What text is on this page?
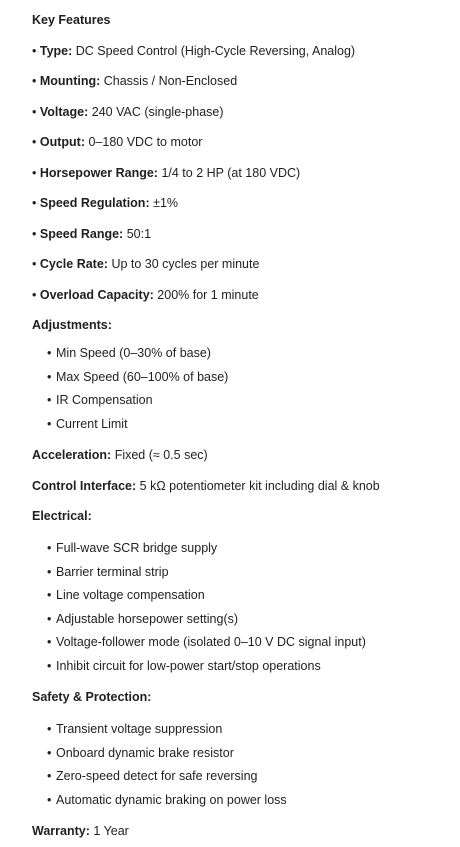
Key Features
• Type: DC Speed Control (High-Cycle Reversing, Analog)
• Mounting: Chassis / Non-Enclosed
• Voltage: 240 VAC (single-phase)
• Output: 0–180 VDC to motor
• Horsepower Range: 1/4 to 2 HP (at 180 VDC)
• Speed Regulation: ±1%
• Speed Range: 50:1
• Cycle Rate: Up to 30 cycles per minute
• Overload Capacity: 200% for 1 minute
Adjustments:
• Min Speed (0–30% of base)
• Max Speed (60–100% of base)
• IR Compensation
• Current Limit
Acceleration: Fixed (≈ 0.5 sec)
Control Interface: 5 kΩ potentiometer kit including dial & knob
Electrical:
• Full-wave SCR bridge supply
• Barrier terminal strip
• Line voltage compensation
• Adjustable horsepower setting(s)
• Voltage-follower mode (isolated 0–10 V DC signal input)
• Inhibit circuit for low-power start/stop operations
Safety & Protection:
• Transient voltage suppression
• Onboard dynamic brake resistor
• Zero-speed detect for safe reversing
• Automatic dynamic braking on power loss
Warranty: 1 Year
